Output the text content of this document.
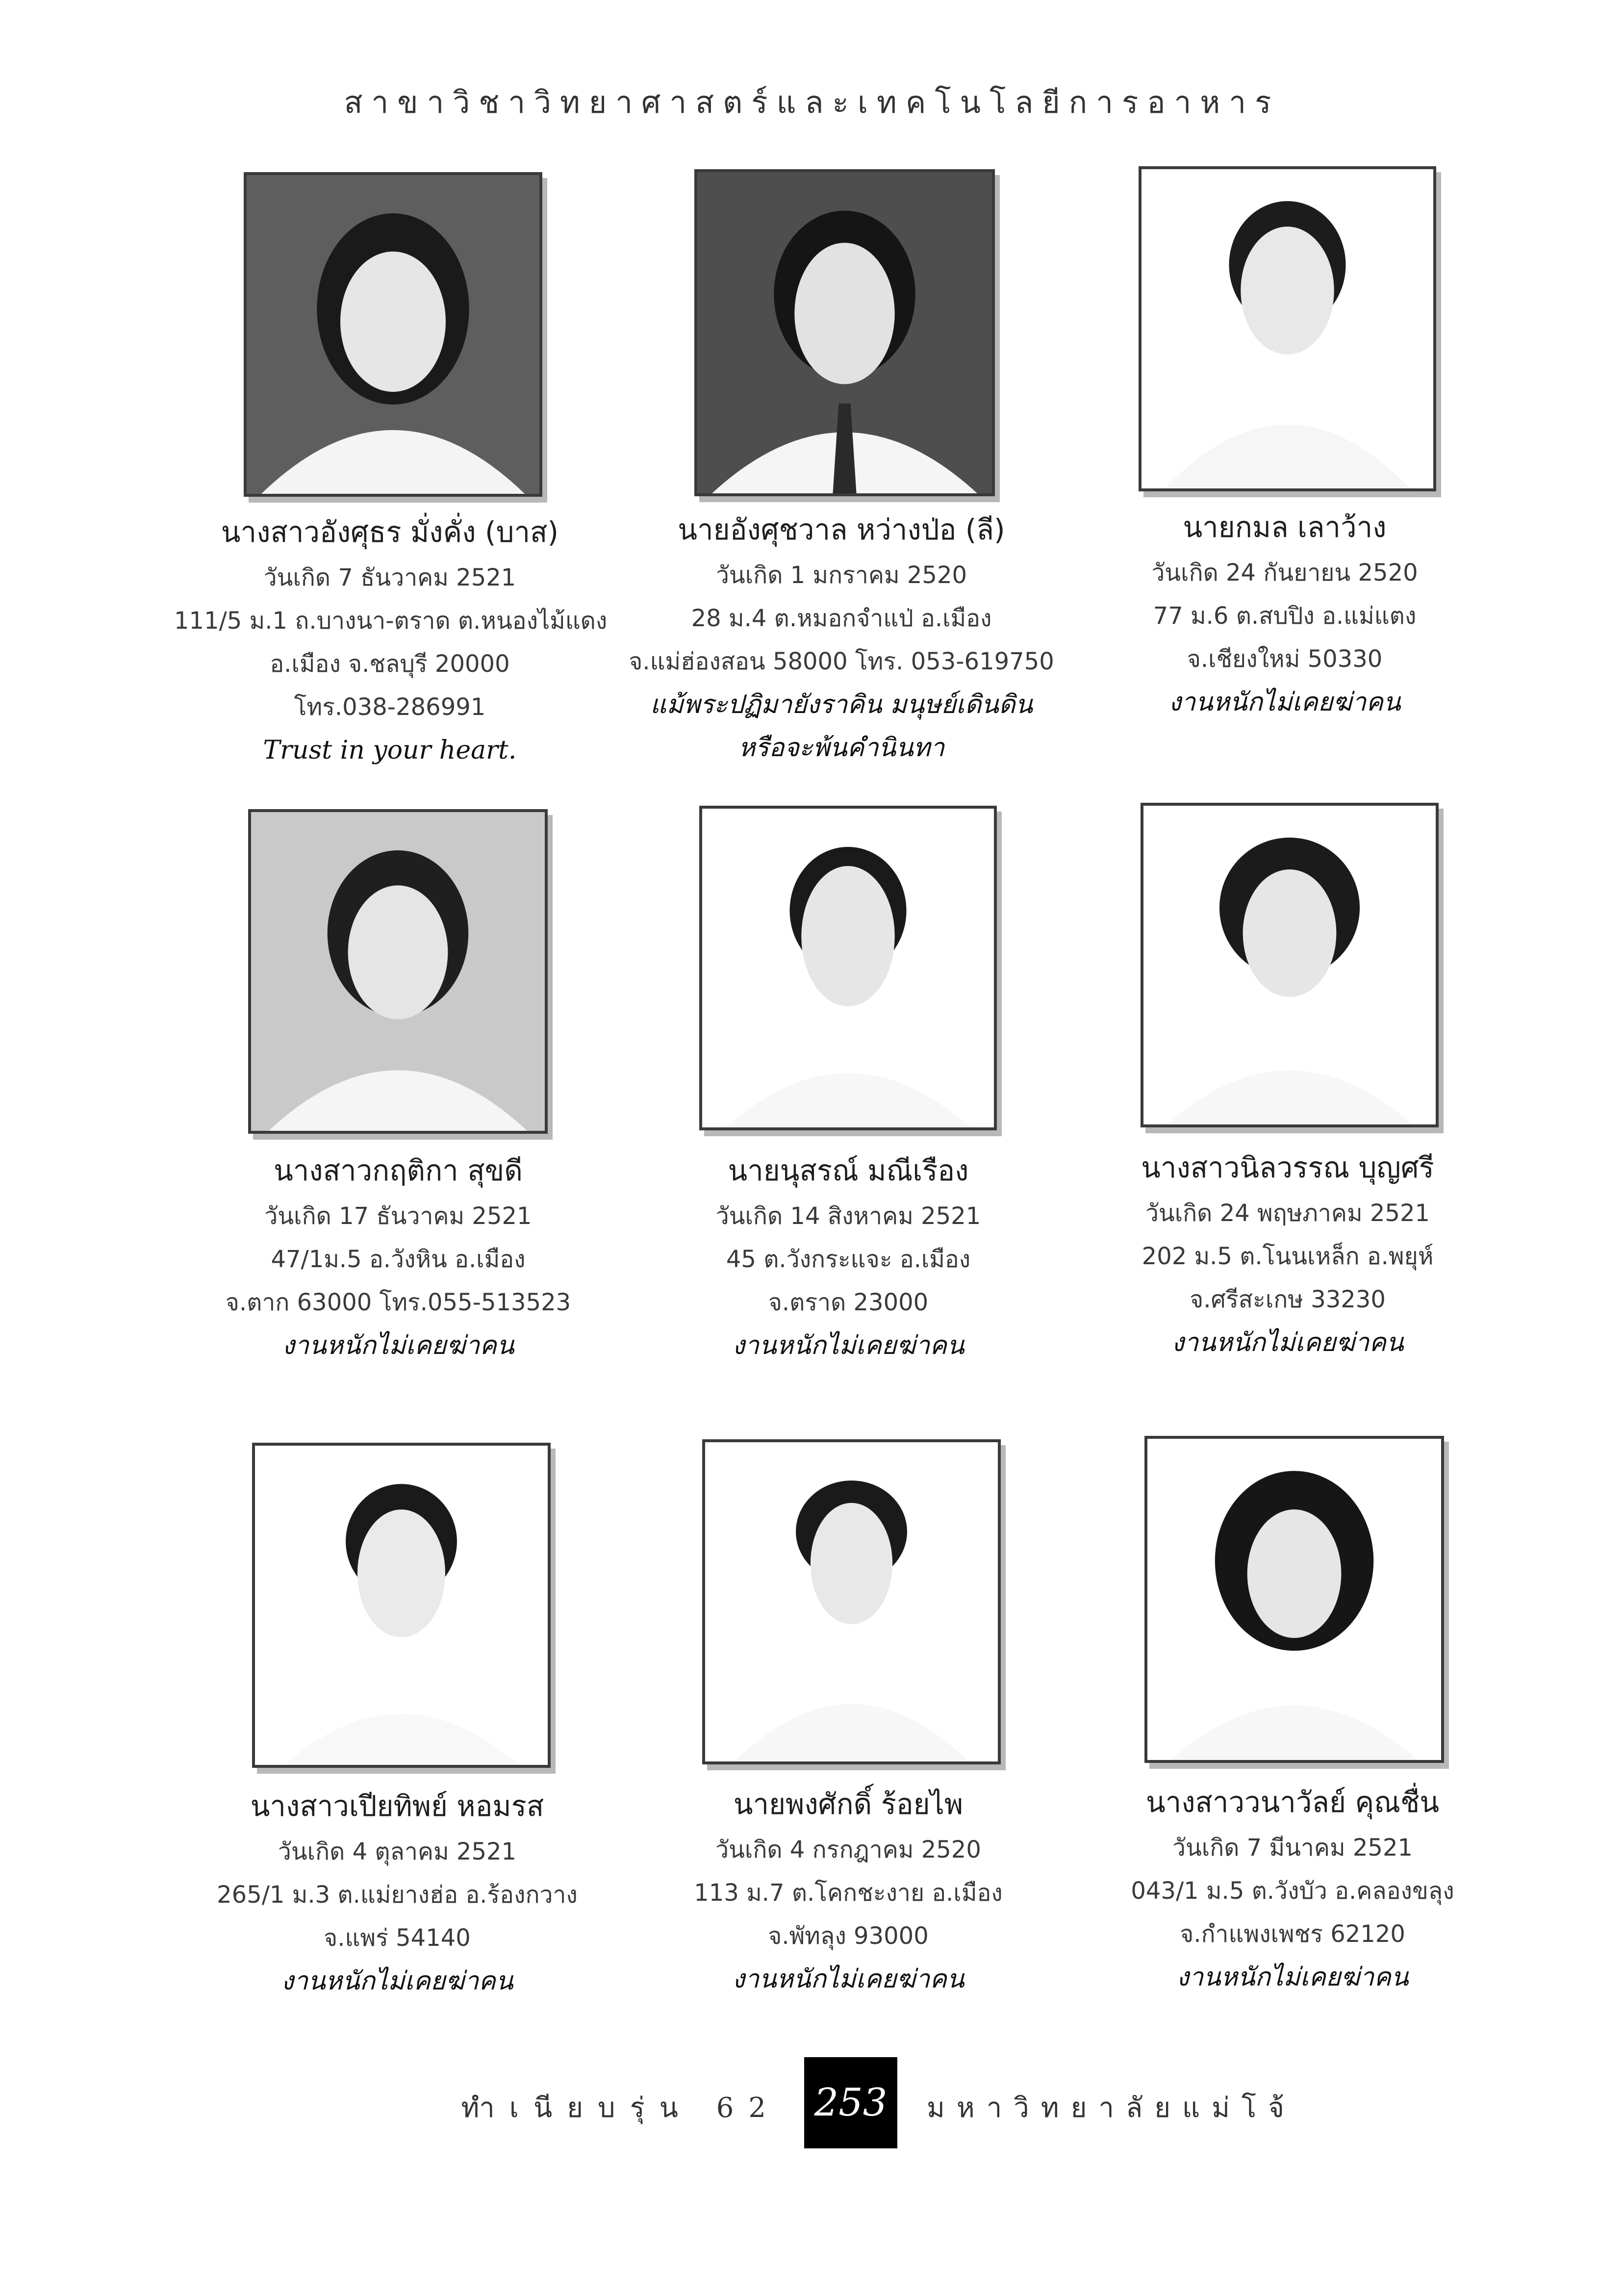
สาขาวิชาวิทยาศาสตร์และเทคโนโลยีการอาหาร
นางสาวอังศุธร มั่งคั่ง (บาส)
วันเกิด 7 ธันวาคม 2521
111/5 ม.1 ถ.บางนา-ตราด ต.หนองไม้แดง
อ.เมือง จ.ชลบุรี 20000
โทร.038-286991
Trust in your heart.
นายอังศุชวาล หว่างป่อ (ลี)
วันเกิด 1 มกราคม 2520
28 ม.4 ต.หมอกจำแป่ อ.เมือง
จ.แม่ฮ่องสอน 58000 โทร. 053-619750
แม้พระปฏิมายังราคิน มนุษย์เดินดิน
หรือจะพ้นคำนินทา
นายกมล เลาว้าง
วันเกิด 24 กันยายน 2520
77 ม.6 ต.สบปิง อ.แม่แตง
จ.เชียงใหม่ 50330
งานหนักไม่เคยฆ่าคน
นางสาวกฤติกา สุขดี
วันเกิด 17 ธันวาคม 2521
47/1ม.5 อ.วังหิน อ.เมือง
จ.ตาก 63000 โทร.055-513523
งานหนักไม่เคยฆ่าคน
นายนุสรณ์ มณีเรือง
วันเกิด 14 สิงหาคม 2521
45 ต.วังกระแจะ อ.เมือง
จ.ตราด 23000
งานหนักไม่เคยฆ่าคน
นางสาวนิลวรรณ บุญศรี
วันเกิด 24 พฤษภาคม 2521
202 ม.5 ต.โนนเหล็ก อ.พยุห์
จ.ศรีสะเกษ 33230
งานหนักไม่เคยฆ่าคน
นางสาวเปียทิพย์ หอมรส
วันเกิด 4 ตุลาคม 2521
265/1 ม.3 ต.แม่ยางฮ่อ อ.ร้องกวาง
จ.แพร่ 54140
งานหนักไม่เคยฆ่าคน
นายพงศักดิ์ ร้อยไพ
วันเกิด 4 กรกฎาคม 2520
113 ม.7 ต.โคกชะงาย อ.เมือง
จ.พัทลุง 93000
งานหนักไม่เคยฆ่าคน
นางสาววนาวัลย์ คุณชื่น
วันเกิด 7 มีนาคม 2521
043/1 ม.5 ต.วังบัว อ.คลองขลุง
จ.กำแพงเพชร 62120
งานหนักไม่เคยฆ่าคน
ทำเนียบรุ่น 62 253	มหาวิทยาลัยแม่โจ้
